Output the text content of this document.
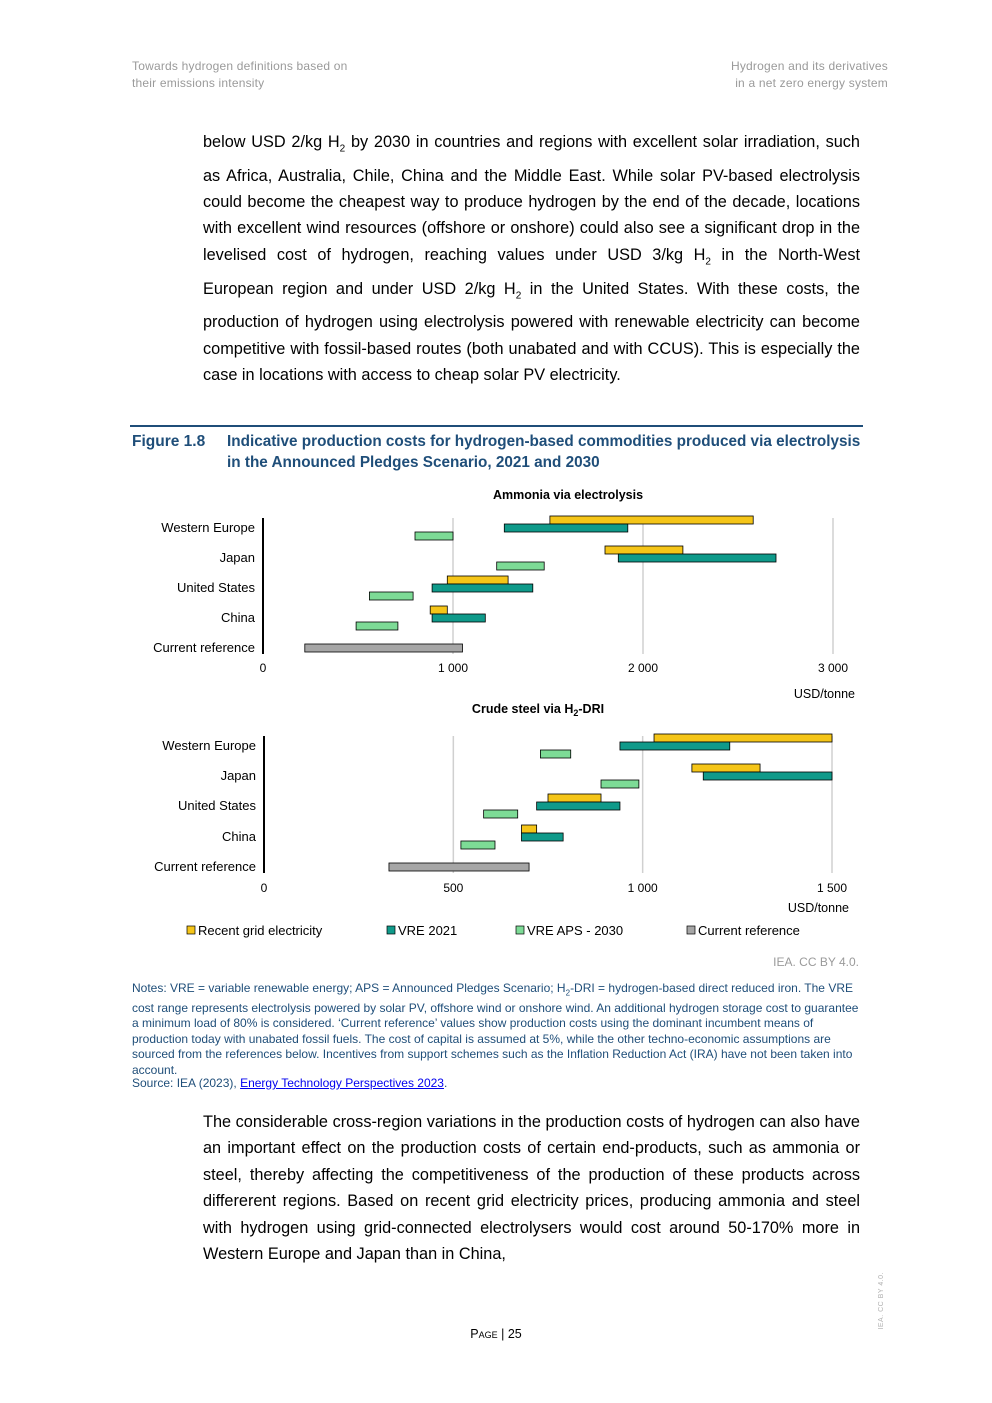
Towards hydrogen definitions based on
their emissions intensity
Hydrogen and its derivatives
in a net zero energy system
below USD 2/kg $H_2$ by 2030 in countries and regions with excellent solar irradiation, such as Africa, Australia, Chile, China and the Middle East. While solar PV-based electrolysis could become the cheapest way to produce hydrogen by the end of the decade, locations with excellent wind resources (offshore or onshore) could also see a significant drop in the levelised cost of hydrogen, reaching values under USD 3/kg $H_2$ in the North-West European region and under USD 2/kg $H_2$ in the United States. With these costs, the production of hydrogen using electrolysis powered with renewable electricity can become competitive with fossil-based routes (both unabated and with CCUS). This is especially the case in locations with access to cheap solar PV electricity.
Figure 1.8 Indicative production costs for hydrogen-based commodities produced via electrolysis in the Announced Pledges Scenario, 2021 and 2030
Ammonia via electrolysis
0	1 000	2 000	3 000
USD/tonne
Western Europe
Japan
United States
China
Current reference
Crude steel via $H_2$-DRI
0	500	1 000	1 500
USD/tonne
Western Europe
Japan
United States
China
Current reference
Recent grid electricity	VRE 2021	VRE APS - 2030	Current reference
IEA. CC BY 4.0.
Notes: VRE = variable renewable energy; APS = Announced Pledges Scenario; $H_2$-DRI = hydrogen-based direct reduced iron. The VRE cost range represents electrolysis powered by solar PV, offshore wind or onshore wind. An additional hydrogen storage cost to guarantee a minimum load of 80% is considered. ‘Current reference’ values show production costs using the dominant incumbent means of production today with unabated fossil fuels. The cost of capital is assumed at 5%, while the other techno-economic assumptions are sourced from the references below. Incentives from support schemes such as the Inflation Reduction Act (IRA) have not been taken into account.
Source: IEA (2023), Energy Technology Perspectives 2023.
The considerable cross-region variations in the production costs of hydrogen can also have an important effect on the production costs of certain end-products, such as ammonia or steel, thereby affecting the competitiveness of the production of these products across differerent regions. Based on recent grid electricity prices, producing ammonia and steel with hydrogen using grid-connected electrolysers would cost around 50-170% more in Western Europe and Japan than in China,
Page | 25
IEA. CC BY 4.0.
